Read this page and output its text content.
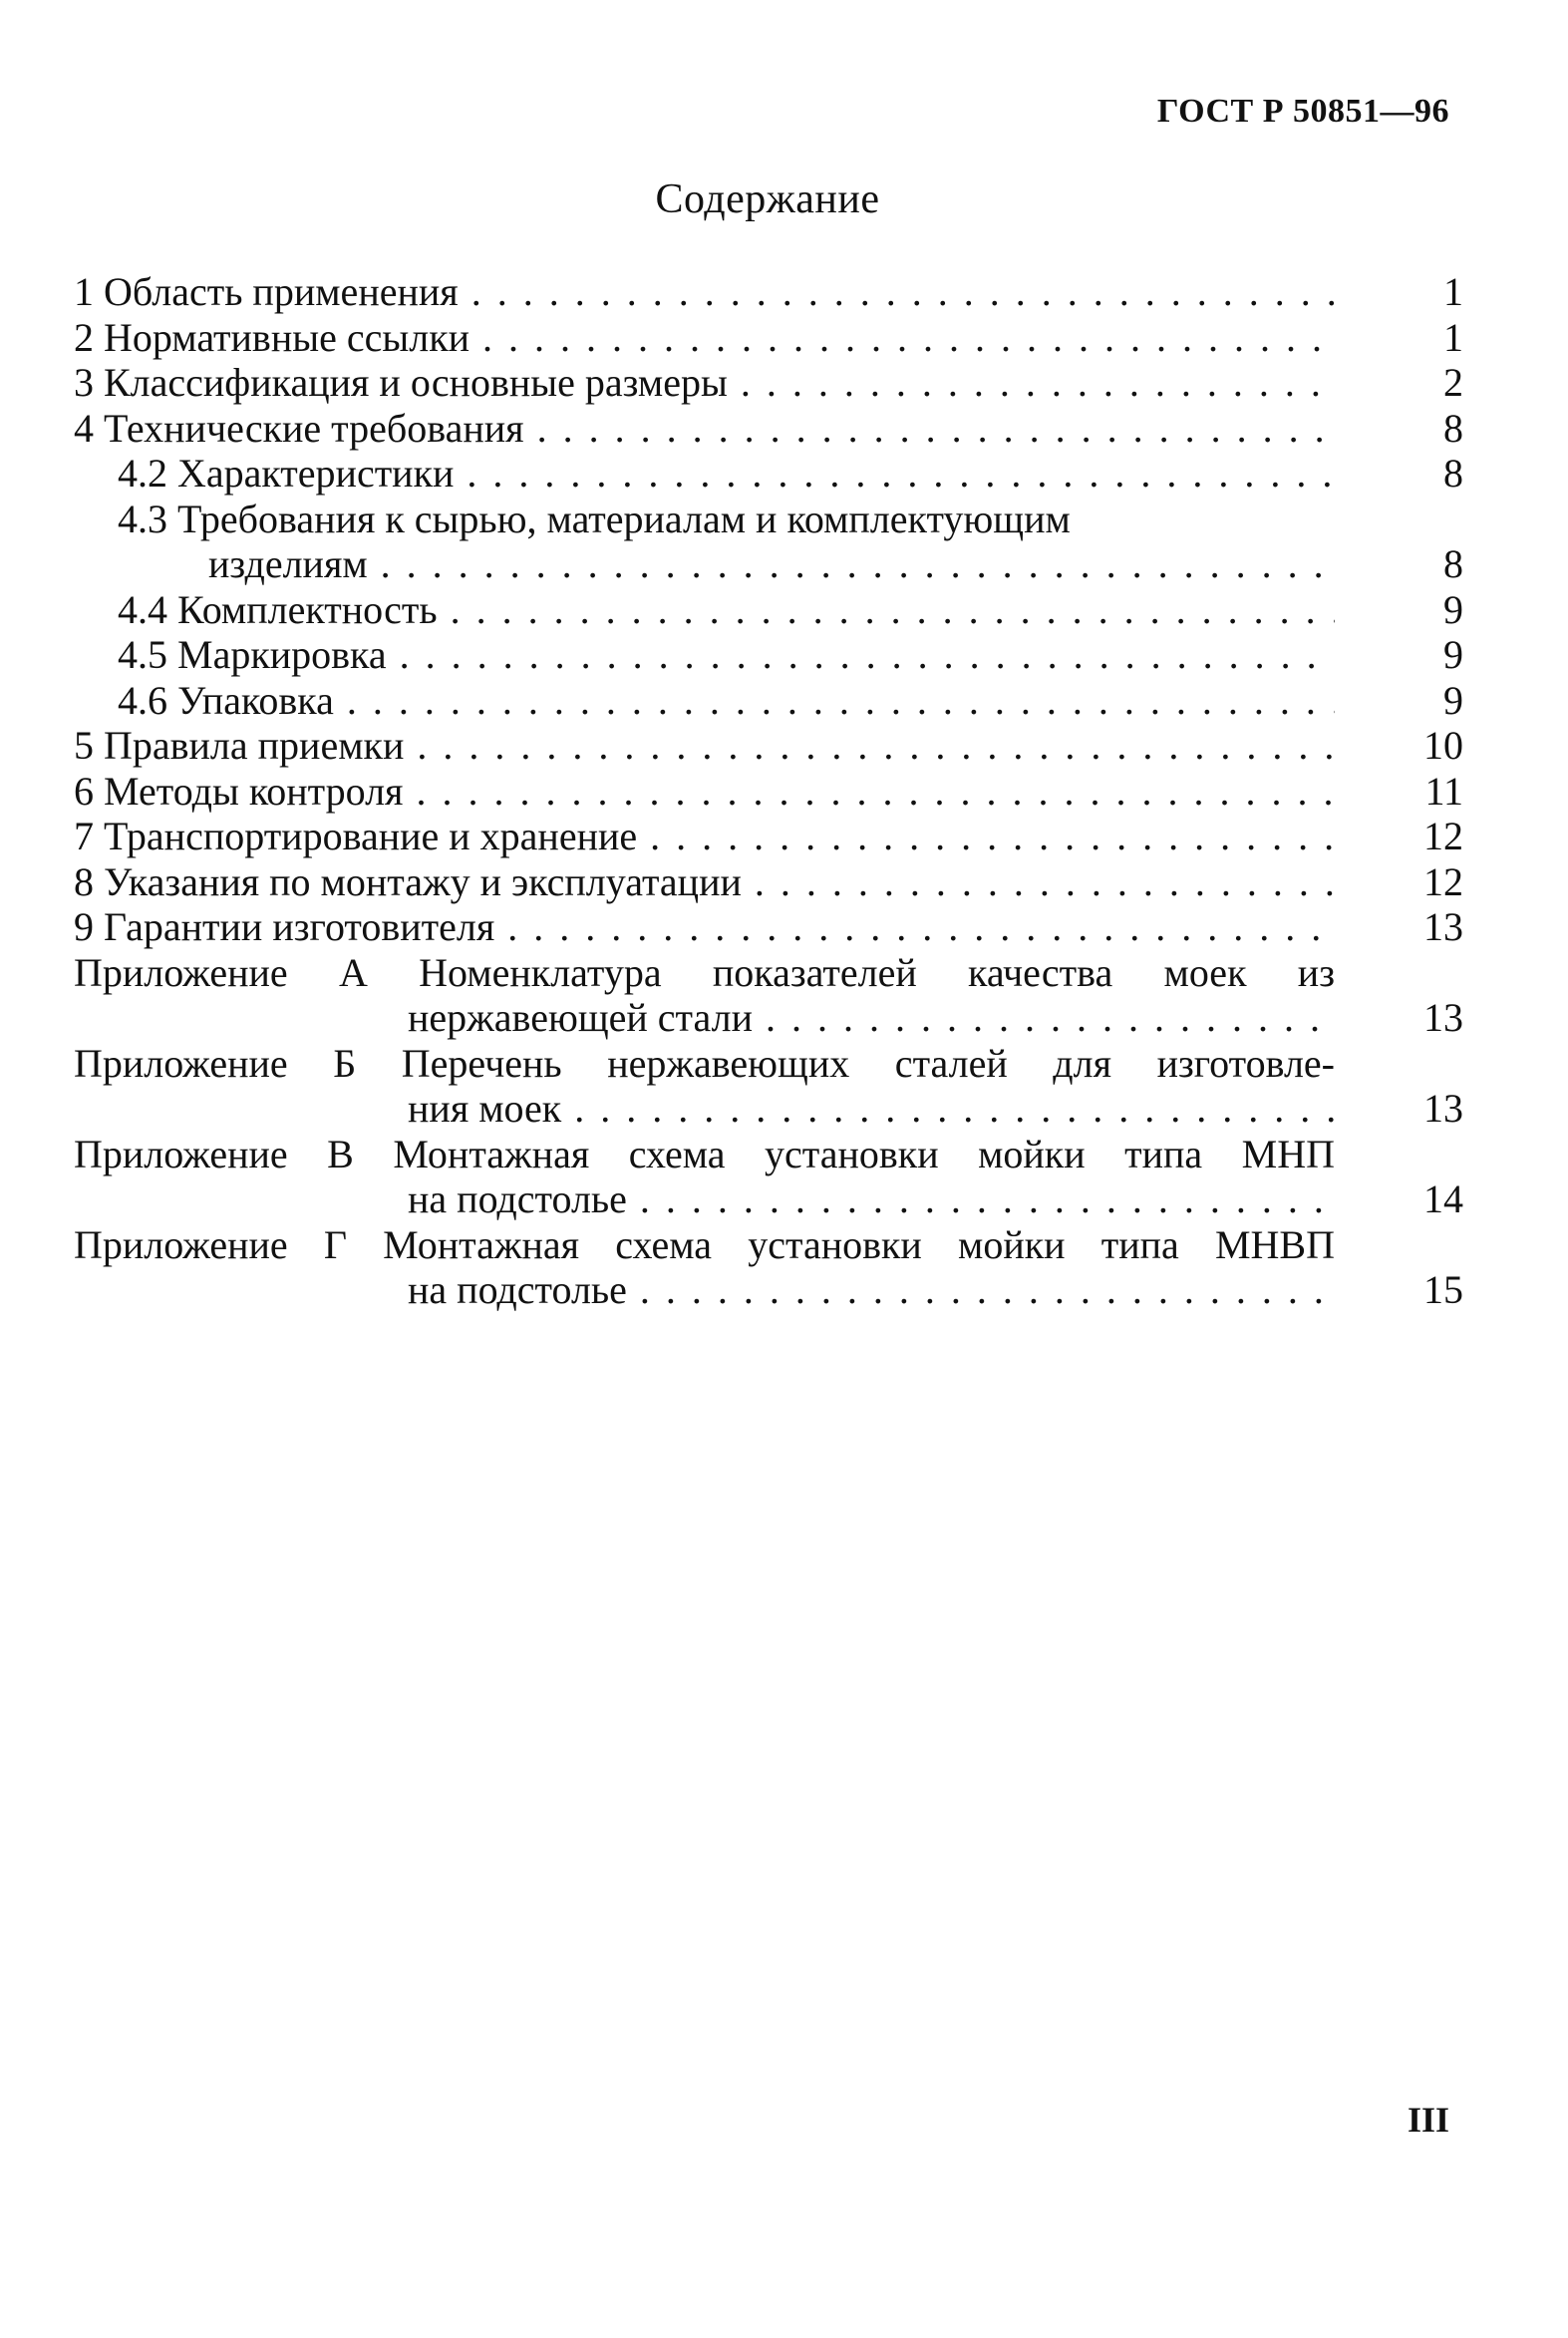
ГОСТ Р 50851—96
Содержание
1 Область применения . . .	1
2 Нормативные ссылки . . .	1
3 Классификация и основные размеры . . .	2
4 Технические требования . . .	8
4.2 Характеристики . . .	8
4.3 Требования к сырью, материалам и комплектующим
изделиям . . .	8
4.4 Комплектность . . .	9
4.5 Маркировка . . .	9
4.6 Упаковка . . .	9
5 Правила приемки . . .	10
6 Методы контроля . . .	11
7 Транспортирование и хранение . . .	12
8 Указания по монтажу и эксплуатации . . .	12
9 Гарантии изготовителя . . .	13
Приложение А Номенклатура показателей качества моек из
нержавеющей стали . . .	13
Приложение Б Перечень нержавеющих сталей для изготовле-
ния моек . . .	13
Приложение В Монтажная схема установки мойки типа МНП
на подстолье . . .	14
Приложение Г Монтажная схема установки мойки типа МНВП
на подстолье . . .	15
III
